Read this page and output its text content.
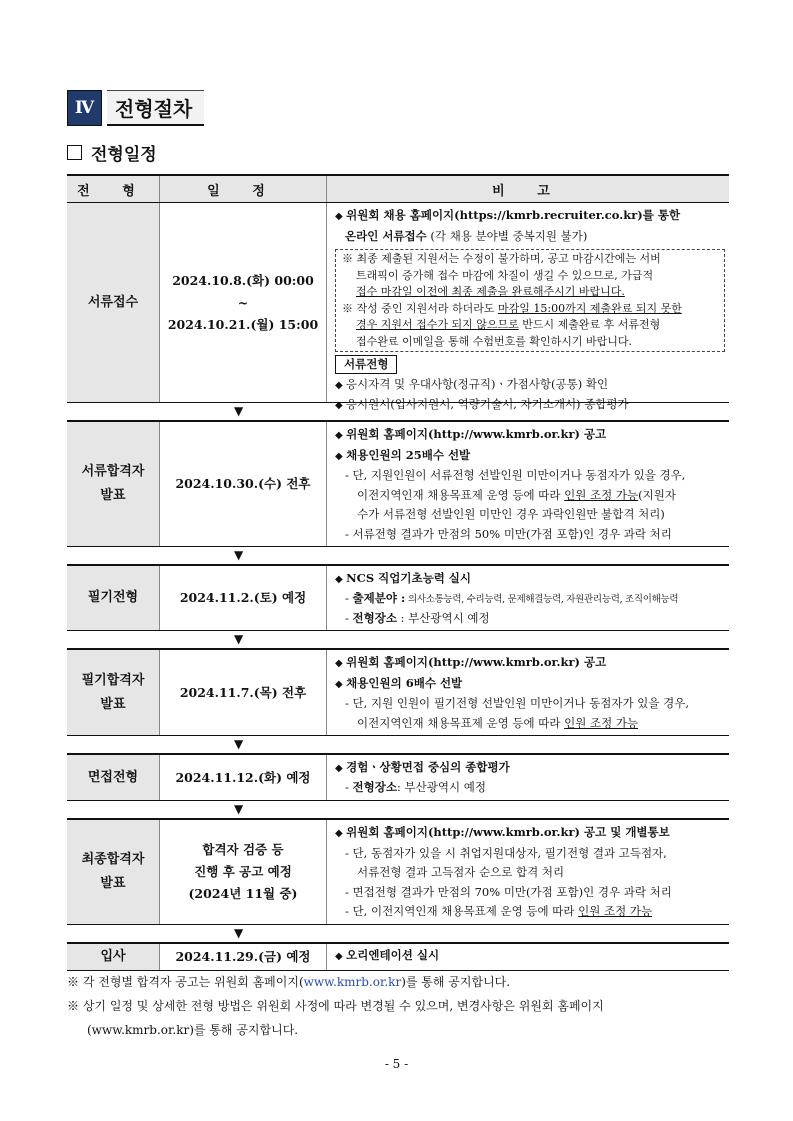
Ⅳ	전형절차
전형일정
전 형	일 정	비 고
서류접수
2024.10.8.(화) 00:00
~
2024.10.21.(월) 15:00
◆ 위원회 채용 홈페이지(https://kmrb.recruiter.co.kr)를 통한
온라인 서류접수 (각 채용 분야별 중복지원 불가)
※ 최종 제출된 지원서는 수정이 불가하며, 공고 마감시간에는 서버
트래픽이 증가해 접수 마감에 차질이 생길 수 있으므로, 가급적
접수 마감일 이전에 최종 제출을 완료해주시기 바랍니다.
※ 작성 중인 지원서라 하더라도 마감일 15:00까지 제출완료 되지 못한
경우 지원서 접수가 되지 않으므로 반드시 제출완료 후 서류전형
접수완료 이메일을 통해 수험번호를 확인하시기 바랍니다.
서류전형
◆ 응시자격 및 우대사항(정규직)ㆍ가점사항(공통) 확인
◆ 응시원서(입사지원서, 역량기술서, 자기소개서) 종합평가
▼
서류합격자
발표
2024.10.30.(수) 전후
◆ 위원회 홈페이지(http://www.kmrb.or.kr) 공고
◆ 채용인원의 25배수 선발
- 단, 지원인원이 서류전형 선발인원 미만이거나 동점자가 있을 경우,
이전지역인재 채용목표제 운영 등에 따라 인원 조정 가능(지원자
수가 서류전형 선발인원 미만인 경우 과락인원만 불합격 처리)
- 서류전형 결과가 만점의 50% 미만(가점 포함)인 경우 과락 처리
▼
필기전형	2024.11.2.(토) 예정
◆ NCS 직업기초능력 실시
- 출제분야 : 의사소통능력, 수리능력, 문제해결능력, 자원관리능력, 조직이해능력
- 전형장소 : 부산광역시 예정
▼
필기합격자
발표
2024.11.7.(목) 전후
◆ 위원회 홈페이지(http://www.kmrb.or.kr) 공고
◆ 채용인원의 6배수 선발
- 단, 지원 인원이 필기전형 선발인원 미만이거나 동점자가 있을 경우,
이전지역인재 채용목표제 운영 등에 따라 인원 조정 가능
▼
면접전형	2024.11.12.(화) 예정
◆ 경험ㆍ상황면접 중심의 종합평가
- 전형장소: 부산광역시 예정
▼
최종합격자
발표
합격자 검증 등
진행 후 공고 예정
(2024년 11월 중)
◆ 위원회 홈페이지(http://www.kmrb.or.kr) 공고 및 개별통보
- 단, 동점자가 있을 시 취업지원대상자, 필기전형 결과 고득점자,
서류전형 결과 고득점자 순으로 합격 처리
- 면접전형 결과가 만점의 70% 미만(가점 포함)인 경우 과락 처리
- 단, 이전지역인재 채용목표제 운영 등에 따라 인원 조정 가능
▼
입사	2024.11.29.(금) 예정
◆	오리엔테이션 실시
※ 각 전형별 합격자 공고는 위원회 홈페이지(www.kmrb.or.kr)를 통해 공지합니다.
※ 상기 일정 및 상세한 전형 방법은 위원회 사정에 따라 변경될 수 있으며, 변경사항은 위원회 홈페이지
(www.kmrb.or.kr)를 통해 공지합니다.
- 5 -
